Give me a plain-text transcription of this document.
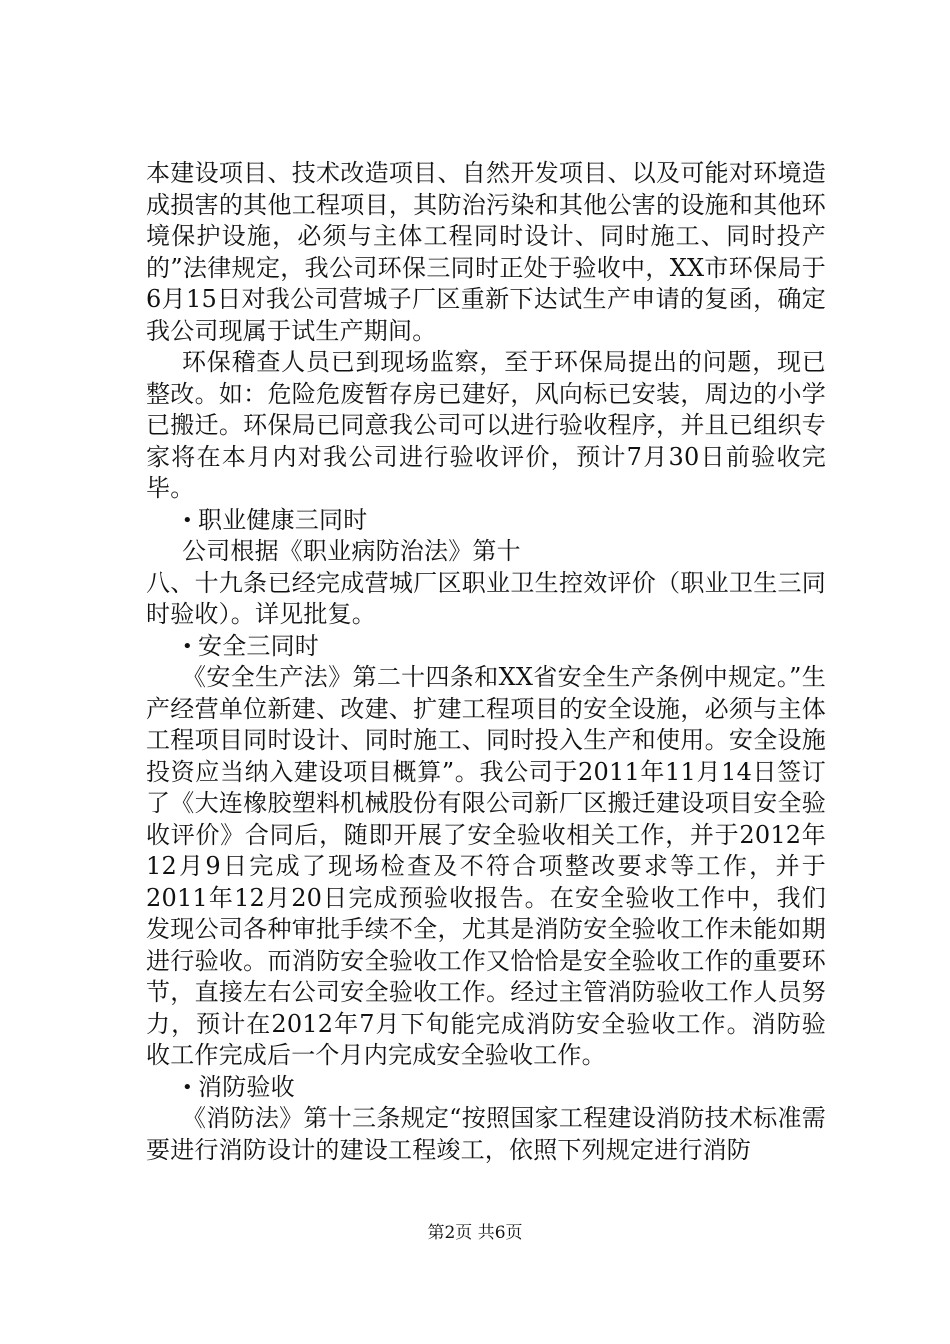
本建设项目、技术改造项目、自然开发项目、以及可能对环境造成损害的其他工程项目，其防治污染和其他公害的设施和其他环境保护设施，必须与主体工程同时设计、同时施工、同时投产的”法律规定，我公司环保三同时正处于验收中，XX市环保局于6月15日对我公司营城子厂区重新下达试生产申请的复函，确定我公司现属于试生产期间。

环保稽查人员已到现场监察，至于环保局提出的问题，现已整改。如：危险危废暂存房已建好，风向标已安装，周边的小学已搬迁。环保局已同意我公司可以进行验收程序，并且已组织专家将在本月内对我公司进行验收评价，预计7月30日前验收完毕。

• 职业健康三同时

公司根据《职业病防治法》第十

八、十九条已经完成营城厂区职业卫生控效评价（职业卫生三同时验收）。详见批复。

• 安全三同时

《安全生产法》第二十四条和XX省安全生产条例中规定。”生产经营单位新建、改建、扩建工程项目的安全设施，必须与主体工程项目同时设计、同时施工、同时投入生产和使用。安全设施投资应当纳入建设项目概算”。我公司于2011年11月14日签订了《大连橡胶塑料机械股份有限公司新厂区搬迁建设项目安全验收评价》合同后，随即开展了安全验收相关工作，并于2012年12月9日完成了现场检查及不符合项整改要求等工作，并于2011年12月20日完成预验收报告。在安全验收工作中，我们发现公司各种审批手续不全，尤其是消防安全验收工作未能如期进行验收。而消防安全验收工作又恰恰是安全验收工作的重要环节，直接左右公司安全验收工作。经过主管消防验收工作人员努力，预计在2012年7月下旬能完成消防安全验收工作。消防验收工作完成后一个月内完成安全验收工作。

• 消防验收

《消防法》第十三条规定“按照国家工程建设消防技术标准需要进行消防设计的建设工程竣工，依照下列规定进行消防

第2页 共6页
